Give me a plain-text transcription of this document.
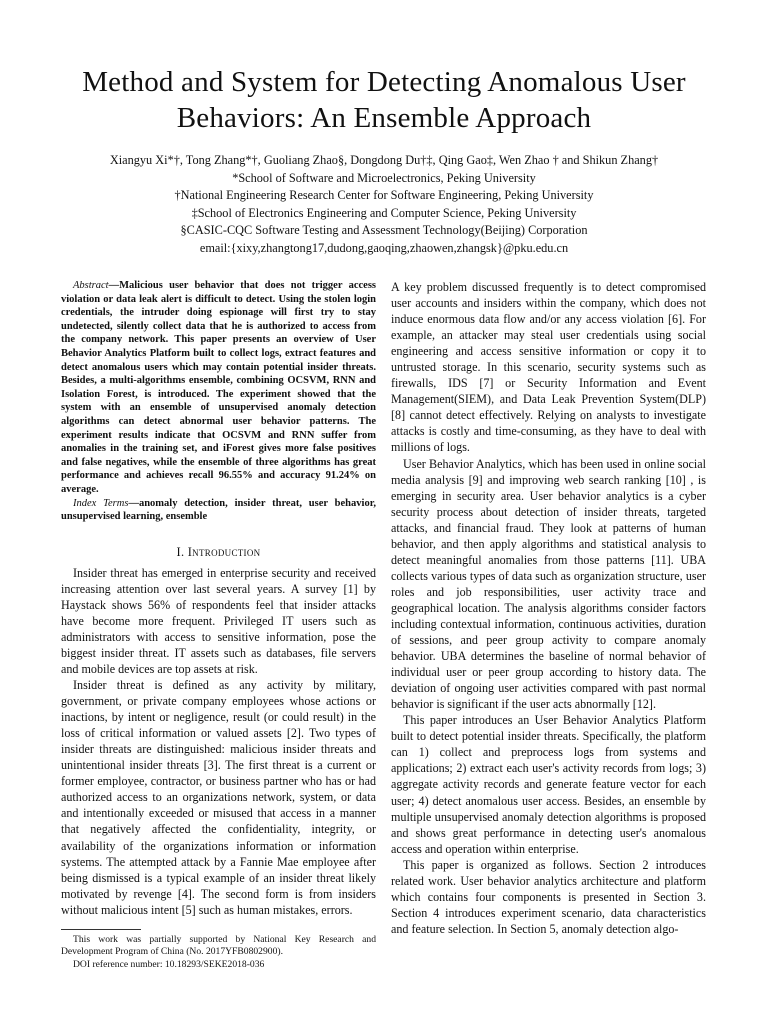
Method and System for Detecting Anomalous User
Behaviors: An Ensemble Approach
Xiangyu Xi*†, Tong Zhang*†, Guoliang Zhao§, Dongdong Du†‡, Qing Gao‡, Wen Zhao † and Shikun Zhang†
*School of Software and Microelectronics, Peking University
†National Engineering Research Center for Software Engineering, Peking University
‡School of Electronics Engineering and Computer Science, Peking University
§CASIC-CQC Software Testing and Assessment Technology(Beijing) Corporation
email:{xixy,zhangtong17,dudong,gaoqing,zhaowen,zhangsk}@pku.edu.cn

Abstract—Malicious user behavior that does not trigger access violation or data leak alert is difficult to detect. Using the stolen login credentials, the intruder doing espionage will first try to stay undetected, silently collect data that he is authorized to access from the company network. This paper presents an overview of User Behavior Analytics Platform built to collect logs, extract features and detect anomalous users which may contain potential insider threats. Besides, a multi-algorithms ensemble, combining OCSVM, RNN and Isolation Forest, is introduced. The experiment showed that the system with an ensemble of unsupervised anomaly detection algorithms can detect abnormal user behavior patterns. The experiment results indicate that OCSVM and RNN suffer from anomalies in the training set, and iForest gives more false positives and false negatives, while the ensemble of three algorithms has great performance and achieves recall 96.55% and accuracy 91.24% on average.

Index Terms—anomaly detection, insider threat, user behavior, unsupervised learning, ensemble

I. Introduction

Insider threat has emerged in enterprise security and received increasing attention over last several years. A survey [1] by Haystack shows 56% of respondents feel that insider attacks have become more frequent. Privileged IT users such as administrators with access to sensitive information, pose the biggest insider threat. IT assets such as databases, file servers and mobile devices are top assets at risk.

Insider threat is defined as any activity by military, government, or private company employees whose actions or inactions, by intent or negligence, result (or could result) in the loss of critical information or valued assets [2]. Two types of insider threats are distinguished: malicious insider threats and unintentional insider threats [3]. The first threat is a current or former employee, contractor, or business partner who has or had authorized access to an organizations network, system, or data and intentionally exceeded or misused that access in a manner that negatively affected the confidentiality, integrity, or availability of the organizations information or information systems. The attempted attack by a Fannie Mae employee after being dismissed is a typical example of an insider threat likely motivated by revenge [4]. The second form is from insiders without malicious intent [5] such as human mistakes, errors.

This work was partially supported by National Key Research and Development Program of China (No. 2017YFB0802900).

DOI reference number: 10.18293/SEKE2018-036

A key problem discussed frequently is to detect compromised user accounts and insiders within the company, which does not induce enormous data flow and/or any access violation [6]. For example, an attacker may steal user credentials using social engineering and access sensitive information or copy it to untrusted storage. In this scenario, security systems such as firewalls, IDS [7] or Security Information and Event Management(SIEM), and Data Leak Prevention System(DLP) [8] cannot detect effectively. Relying on analysts to investigate attacks is costly and time-consuming, as they have to deal with millions of logs.

User Behavior Analytics, which has been used in online social media analysis [9] and improving web search ranking [10] , is emerging in security area. User behavior analytics is a cyber security process about detection of insider threats, targeted attacks, and financial fraud. They look at patterns of human behavior, and then apply algorithms and statistical analysis to detect meaningful anomalies from those patterns [11]. UBA collects various types of data such as organization structure, user roles and job responsibilities, user activity trace and geographical location. The analysis algorithms consider factors including contextual information, continuous activities, duration of sessions, and peer group activity to compare anomaly behavior. UBA determines the baseline of normal behavior of individual user or peer group according to history data. The deviation of ongoing user activities compared with past normal behavior is significant if the user acts abnormally [12].

This paper introduces an User Behavior Analytics Platform built to detect potential insider threats. Specifically, the platform can 1) collect and preprocess logs from systems and applications; 2) extract each user's activity records from logs; 3) aggregate activity records and generate feature vector for each user; 4) detect anomalous user access. Besides, an ensemble by multiple unsupervised anomaly detection algorithms is proposed and shows great performance in detecting user's anomalous access and operation within enterprise.

This paper is organized as follows. Section 2 introduces related work. User behavior analytics architecture and platform which contains four components is presented in Section 3. Section 4 introduces experiment scenario, data characteristics and feature selection. In Section 5, anomaly detection algo-
